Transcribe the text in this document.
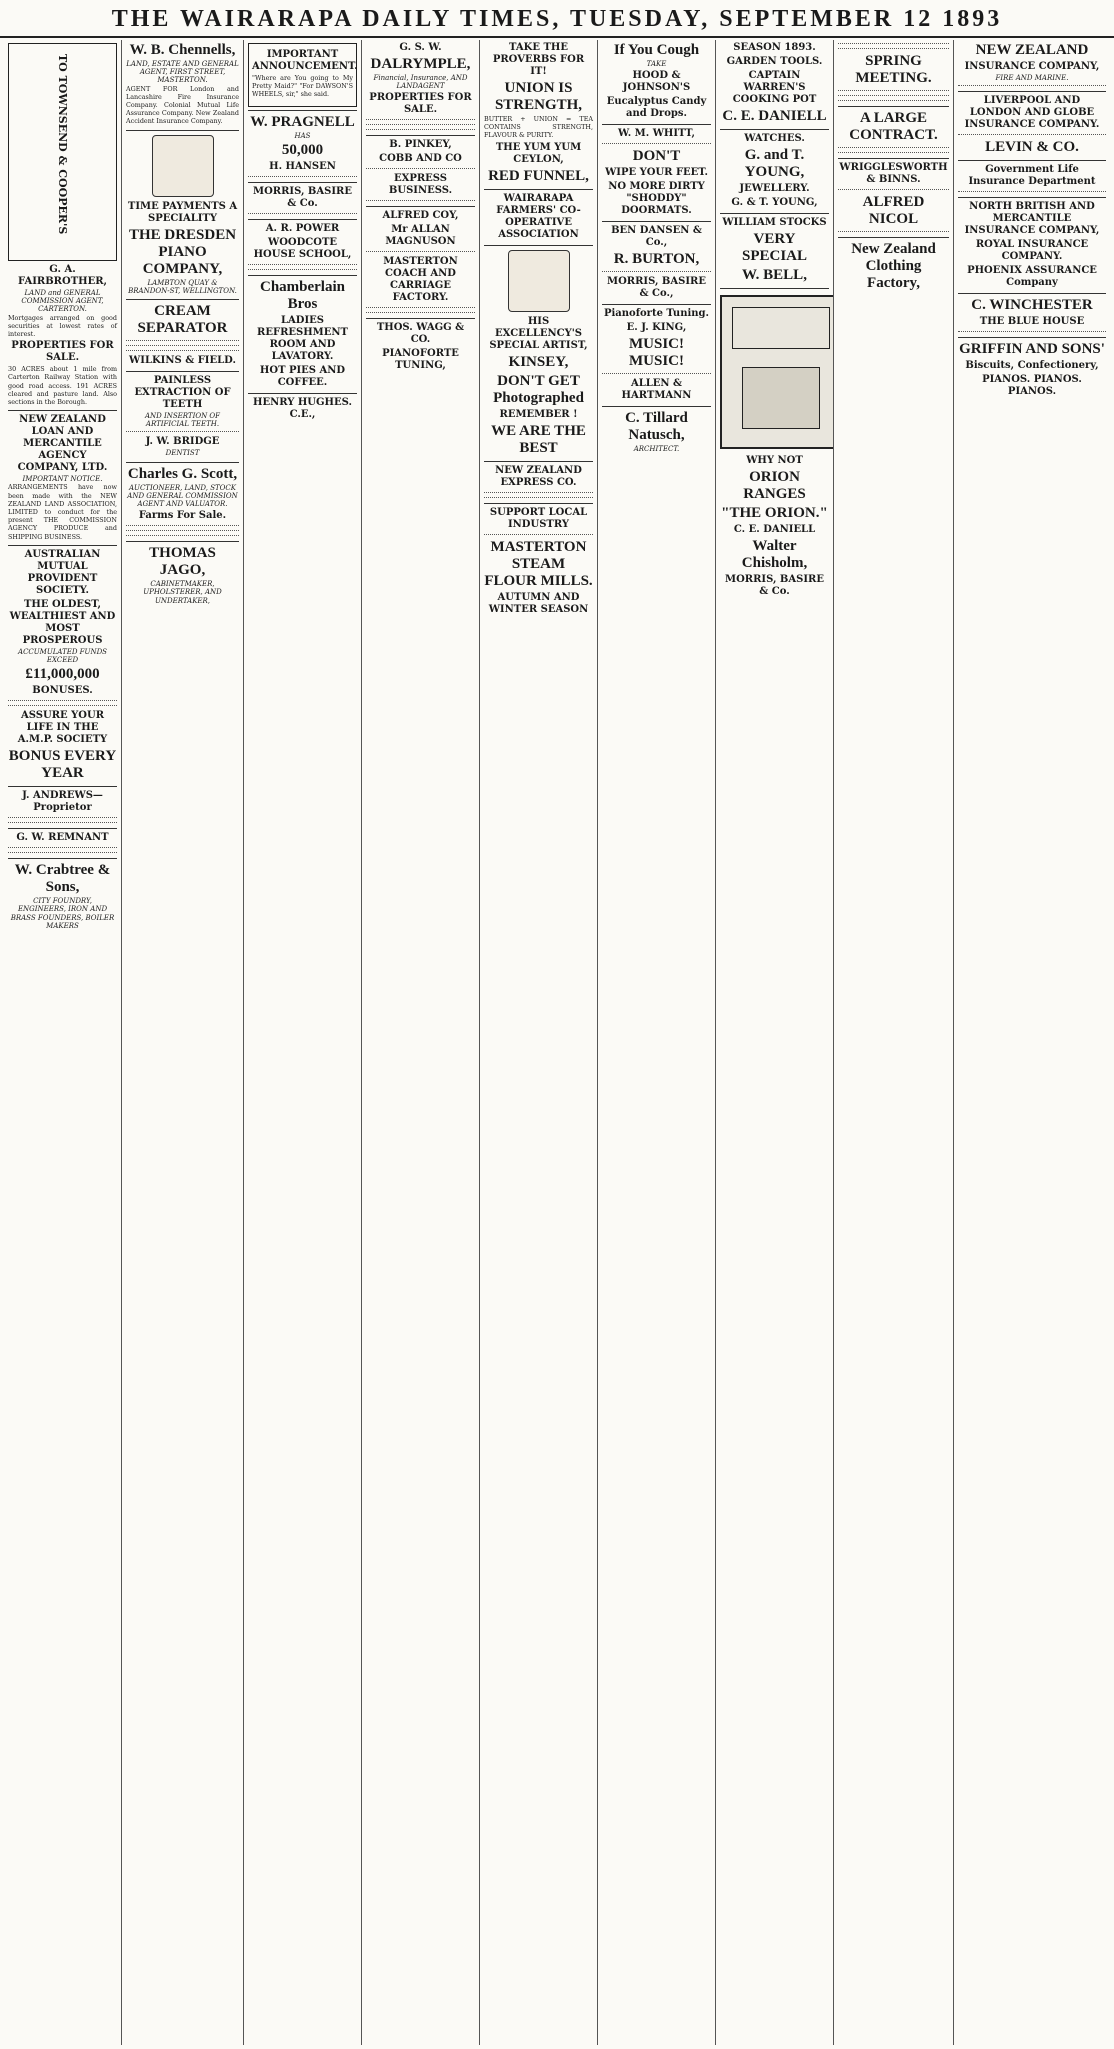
THE WAIRARAPA DAILY TIMES, TUESDAY, SEPTEMBER 12 1893
TO TOWNSEND & COOPER'S
G. A. FAIRBROTHER,
LAND and GENERAL COMMISSION AGENT, CARTERTON.
Mortgages arranged on good securities at lowest rates of interest.
PROPERTIES FOR SALE.
30 ACRES about 1 mile from Carterton Railway Station with good road access. 191 ACRES cleared and pasture land. Also sections in the Borough.
NEW ZEALAND LOAN AND MERCANTILE AGENCY COMPANY, LTD.
IMPORTANT NOTICE.
ARRANGEMENTS have now been made with the NEW ZEALAND LAND ASSOCIATION, LIMITED to conduct for the present THE COMMISSION AGENCY PRODUCE and SHIPPING BUSINESS.
AUSTRALIAN MUTUAL PROVIDENT SOCIETY.
THE OLDEST, WEALTHIEST AND MOST PROSPEROUS
ACCUMULATED FUNDS EXCEED
£11,000,000
BONUSES.
ASSURE YOUR LIFE IN THE A.M.P. SOCIETY
BONUS EVERY YEAR
J. ANDREWS—Proprietor
G. W. REMNANT
W. Crabtree & Sons,
CITY FOUNDRY, ENGINEERS, IRON AND BRASS FOUNDERS, BOILER MAKERS
W. B. Chennells,
LAND, ESTATE AND GENERAL AGENT, FIRST STREET, MASTERTON.
AGENT FOR London and Lancashire Fire Insurance Company. Colonial Mutual Life Assurance Company. New Zealand Accident Insurance Company.
TIME PAYMENTS A SPECIALITY
THE DRESDEN PIANO COMPANY,
LAMBTON QUAY & BRANDON-ST, WELLINGTON.
CREAM SEPARATOR
WILKINS & FIELD.
PAINLESS EXTRACTION OF TEETH
AND INSERTION OF ARTIFICIAL TEETH.
J. W. BRIDGE
DENTIST
Charles G. Scott,
AUCTIONEER, LAND, STOCK AND GENERAL COMMISSION AGENT AND VALUATOR.
Farms For Sale.
THOMAS JAGO,
CABINETMAKER, UPHOLSTERER, AND UNDERTAKER,
IMPORTANT ANNOUNCEMENT.
"Where are You going to My Pretty Maid?" "For DAWSON'S WHEELS, sir," she said.
W. PRAGNELL
HAS
50,000
H. HANSEN
MORRIS, BASIRE & Co.
A. R. POWER
WOODCOTE HOUSE SCHOOL,
Chamberlain Bros
LADIES REFRESHMENT ROOM AND LAVATORY.
HOT PIES AND COFFEE.
HENRY HUGHES. C.E.,
G. S. W.
DALRYMPLE,
Financial, Insurance, AND LANDAGENT
PROPERTIES FOR SALE.
B. PINKEY,
COBB AND CO
EXPRESS BUSINESS.
ALFRED COY,
Mr ALLAN MAGNUSON
MASTERTON COACH AND CARRIAGE FACTORY.
THOS. WAGG & CO.
PIANOFORTE TUNING,
TAKE THE PROVERBS FOR IT!
UNION IS STRENGTH,
BUTTER + UNION = TEA CONTAINS STRENGTH, FLAVOUR & PURITY.
THE YUM YUM CEYLON,
RED FUNNEL,
WAIRARAPA FARMERS' CO-OPERATIVE ASSOCIATION
HIS EXCELLENCY'S SPECIAL ARTIST,
KINSEY,
DON'T GET Photographed
REMEMBER !
WE ARE THE BEST
NEW ZEALAND EXPRESS CO.
SUPPORT LOCAL INDUSTRY
MASTERTON STEAM FLOUR MILLS.
AUTUMN AND WINTER SEASON
If You Cough
TAKE
HOOD & JOHNSON'S
Eucalyptus Candy and Drops.
W. M. WHITT,
DON'T
WIPE YOUR FEET.
NO MORE DIRTY "SHODDY" DOORMATS.
BEN DANSEN & Co.,
R. BURTON,
MORRIS, BASIRE & Co.,
Pianoforte Tuning.
E. J. KING,
MUSIC! MUSIC!
ALLEN & HARTMANN
C. Tillard Natusch,
ARCHITECT.
SEASON 1893.
GARDEN TOOLS.
CAPTAIN WARREN'S COOKING POT
C. E. DANIELL
WATCHES.
G. and T. YOUNG,
JEWELLERY.
G. & T. YOUNG,
WILLIAM STOCKS
VERY SPECIAL
W. BELL,
WHY NOT
ORION RANGES
"THE ORION."
C. E. DANIELL
Walter Chisholm,
MORRIS, BASIRE & Co.
SPRING MEETING.
A LARGE CONTRACT.
WRIGGLESWORTH & BINNS.
ALFRED NICOL
New Zealand Clothing Factory,
NEW ZEALAND
INSURANCE COMPANY,
FIRE AND MARINE.
LIVERPOOL AND LONDON AND GLOBE INSURANCE COMPANY.
LEVIN & CO.
Government Life Insurance Department
NORTH BRITISH AND MERCANTILE INSURANCE COMPANY,
ROYAL INSURANCE COMPANY.
PHOENIX ASSURANCE Company
C. WINCHESTER
THE BLUE HOUSE
GRIFFIN AND SONS'
Biscuits, Confectionery,
PIANOS. PIANOS. PIANOS.
